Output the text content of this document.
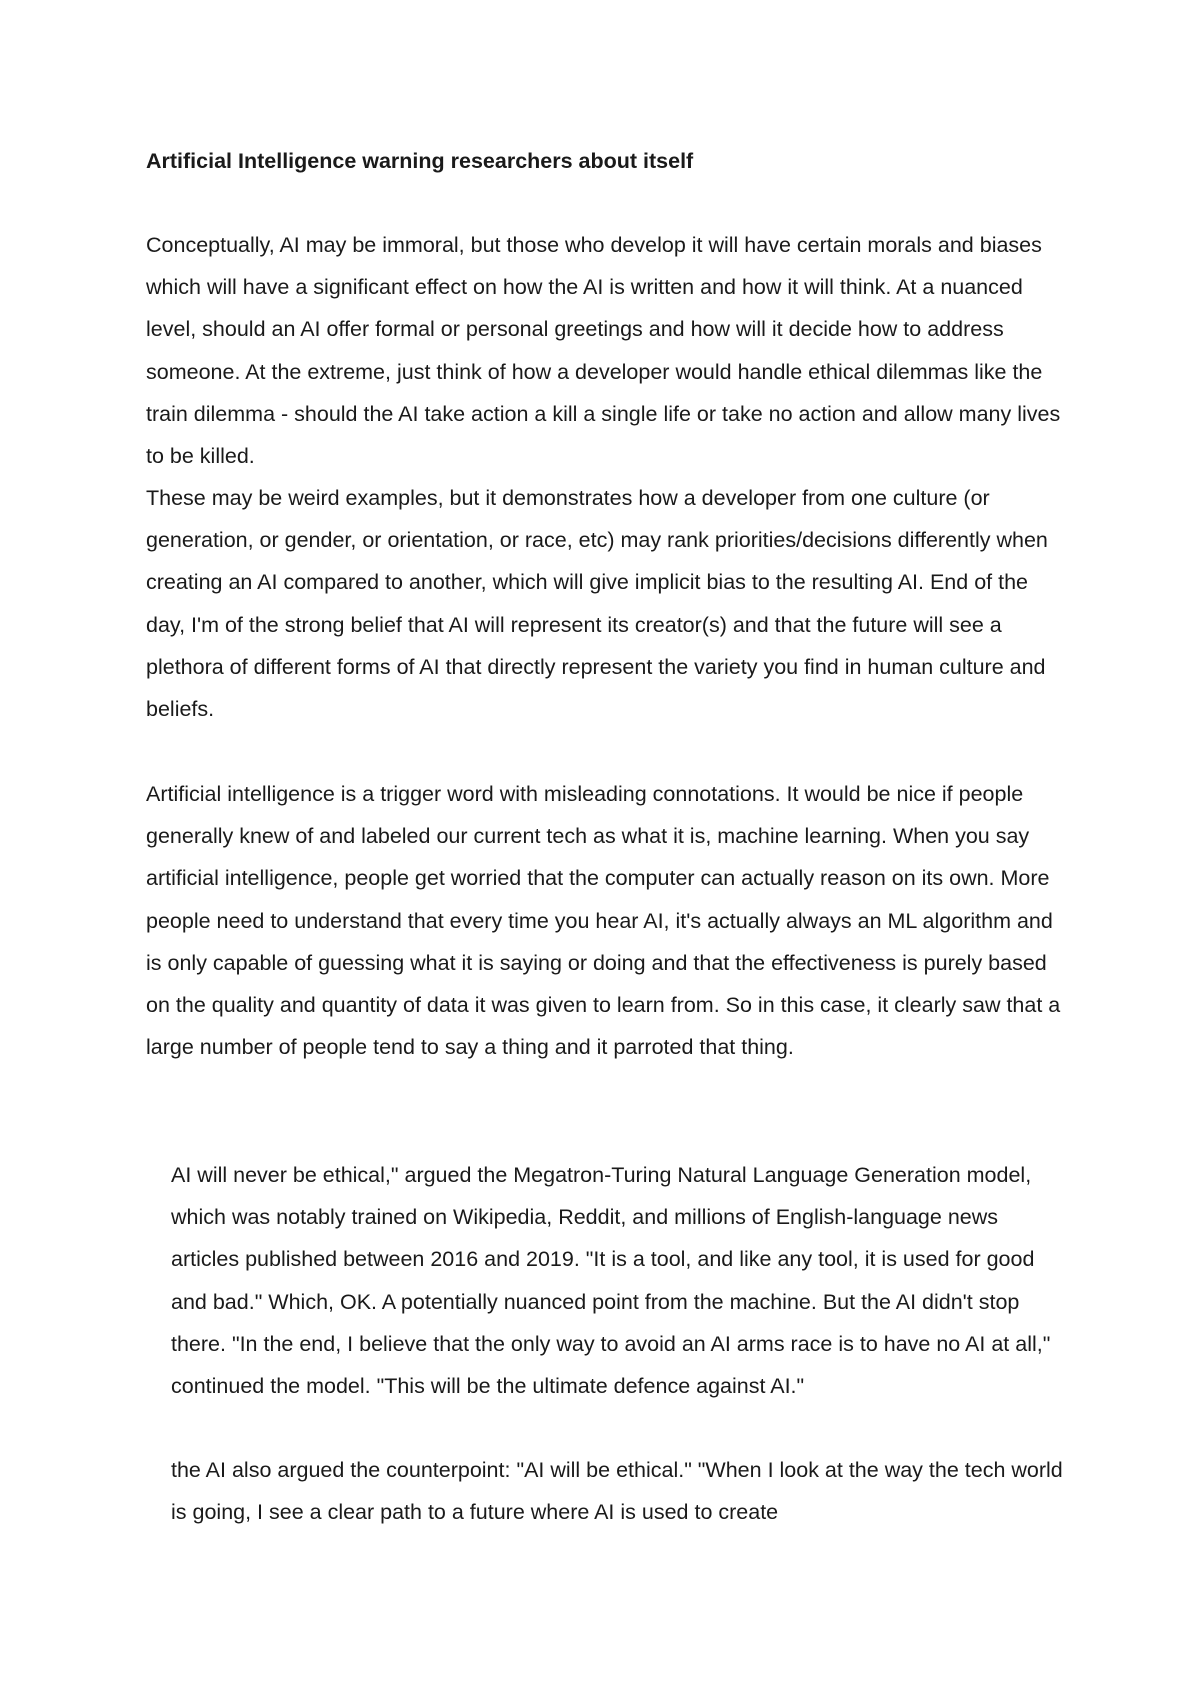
Artificial Intelligence warning researchers about itself

Conceptually, AI may be immoral, but those who develop it will have certain morals and biases which will have a significant effect on how the AI is written and how it will think. At a nuanced level, should an AI offer formal or personal greetings and how will it decide how to address someone. At the extreme, just think of how a developer would handle ethical dilemmas like the train dilemma - should the AI take action a kill a single life or take no action and allow many lives to be killed.

These may be weird examples, but it demonstrates how a developer from one culture (or generation, or gender, or orientation, or race, etc) may rank priorities/decisions differently when creating an AI compared to another, which will give implicit bias to the resulting AI. End of the day, I'm of the strong belief that AI will represent its creator(s) and that the future will see a plethora of different forms of AI that directly represent the variety you find in human culture and beliefs.

Artificial intelligence is a trigger word with misleading connotations. It would be nice if people generally knew of and labeled our current tech as what it is, machine learning. When you say artificial intelligence, people get worried that the computer can actually reason on its own. More people need to understand that every time you hear AI, it's actually always an ML algorithm and is only capable of guessing what it is saying or doing and that the effectiveness is purely based on the quality and quantity of data it was given to learn from. So in this case, it clearly saw that a large number of people tend to say a thing and it parroted that thing.

AI will never be ethical," argued the Megatron-Turing Natural Language Generation model, which was notably trained on Wikipedia, Reddit, and millions of English-language news articles published between 2016 and 2019. "It is a tool, and like any tool, it is used for good and bad." Which, OK. A potentially nuanced point from the machine. But the AI didn't stop there. "In the end, I believe that the only way to avoid an AI arms race is to have no AI at all," continued the model. "This will be the ultimate defence against AI."

the AI also argued the counterpoint: "AI will be ethical." "When I look at the way the tech world is going, I see a clear path to a future where AI is used to create
